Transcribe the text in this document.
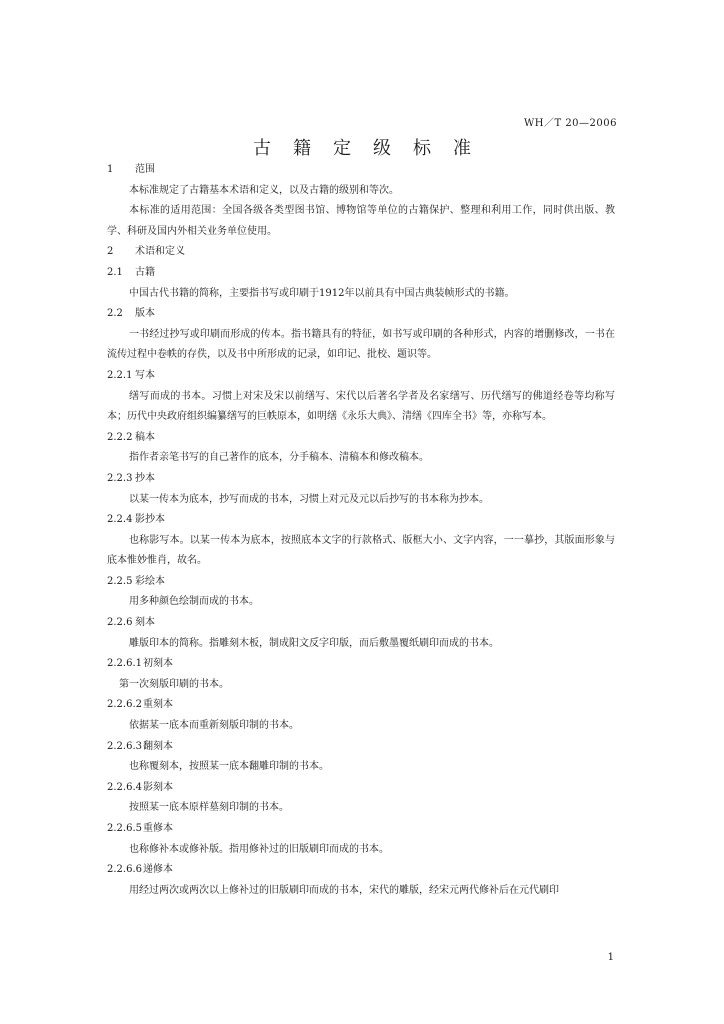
WH／T 20—2006
古籍定级标准

1 范围

本标准规定了古籍基本术语和定义，以及古籍的级别和等次。

本标准的适用范围：全国各级各类型图书馆、博物馆等单位的古籍保护、整理和利用工作，同时供出版、教学、科研及国内外相关业务单位使用。

2 术语和定义

2.1 古籍

中国古代书籍的简称，主要指书写或印刷于1912年以前具有中国古典装帧形式的书籍。

2.2 版本

一书经过抄写或印刷而形成的传本。指书籍具有的特征，如书写或印刷的各种形式，内容的增删修改，一书在流传过程中卷帙的存佚，以及书中所形成的记录，如印记、批校、题识等。

2.2.1 写本

缮写而成的书本。习惯上对宋及宋以前缮写、宋代以后著名学者及名家缮写、历代缮写的佛道经卷等均称写本；历代中央政府组织编纂缮写的巨帙原本，如明缮《永乐大典》、清缮《四库全书》等，亦称写本。

2.2.2 稿本

指作者亲笔书写的自己著作的底本，分手稿本、清稿本和修改稿本。

2.2.3 抄本

以某一传本为底本，抄写而成的书本，习惯上对元及元以后抄写的书本称为抄本。

2.2.4 影抄本

也称影写本。以某一传本为底本，按照底本文字的行款格式、版框大小、文字内容，一一摹抄，其版面形象与底本惟妙惟肖，故名。

2.2.5 彩绘本

用多种颜色绘制而成的书本。

2.2.6 刻本

雕版印本的简称。指雕刻木板，制成阳文反字印版，而后敷墨覆纸刷印而成的书本。

2.2.6.1初刻本

第一次刻版印刷的书本。

2.2.6.2重刻本

依据某一底本而重新刻版印制的书本。

2.2.6.3翻刻本

也称覆刻本，按照某一底本翻雕印制的书本。

2.2.6.4影刻本

按照某一底本原样墓刻印制的书本。

2.2.6.5重修本

也称修补本或修补版。指用修补过的旧版刷印而成的书本。

2.2.6.6递修本

用经过两次或两次以上修补过的旧版刷印而成的书本，宋代的雕版，经宋元两代修补后在元代刷印

1
